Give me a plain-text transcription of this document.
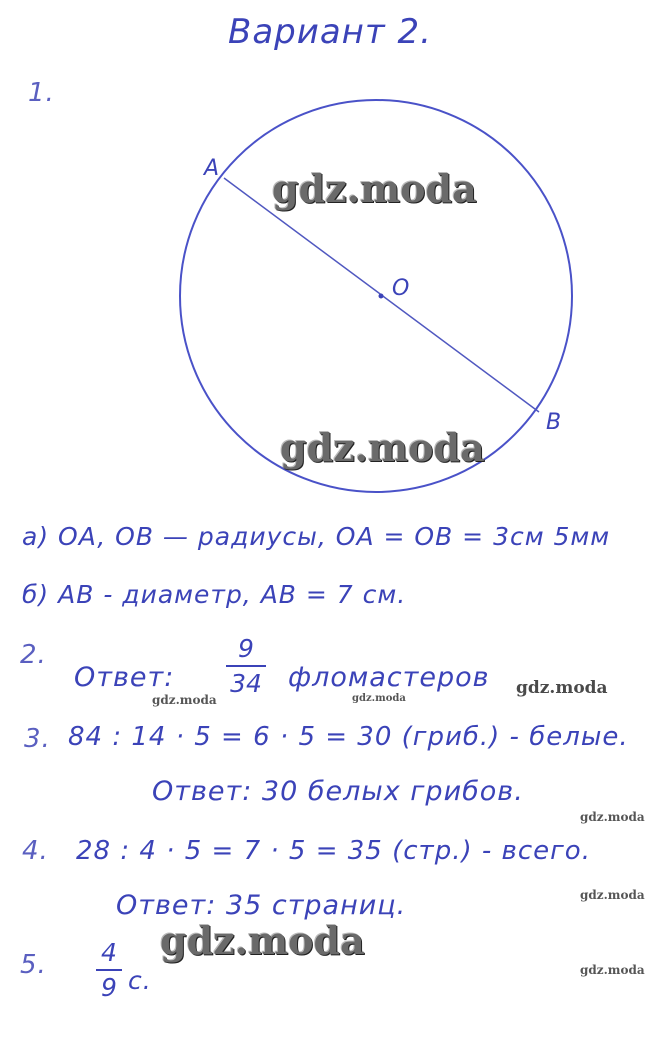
Вариант 2.
1.
A
O
B
gdz.moda
gdz.moda
а) OA, OB — радиусы, OA = OB = 3см 5мм
б) AB - диаметр, AB = 7 см.
2.
Ответ:
9
34 фломастеров
gdz.moda	gdz.moda
gdz.moda
3. 84 : 14 · 5 = 6 · 5 = 30 (гриб.) - белые.
Ответ: 30 белых грибов.
gdz.moda
4. 28 : 4 · 5 = 7 · 5 = 35 (стр.) - всего.
Ответ: 35 страниц.	gdz.moda
5. 4
9 с.
gdz.moda
gdz.moda
